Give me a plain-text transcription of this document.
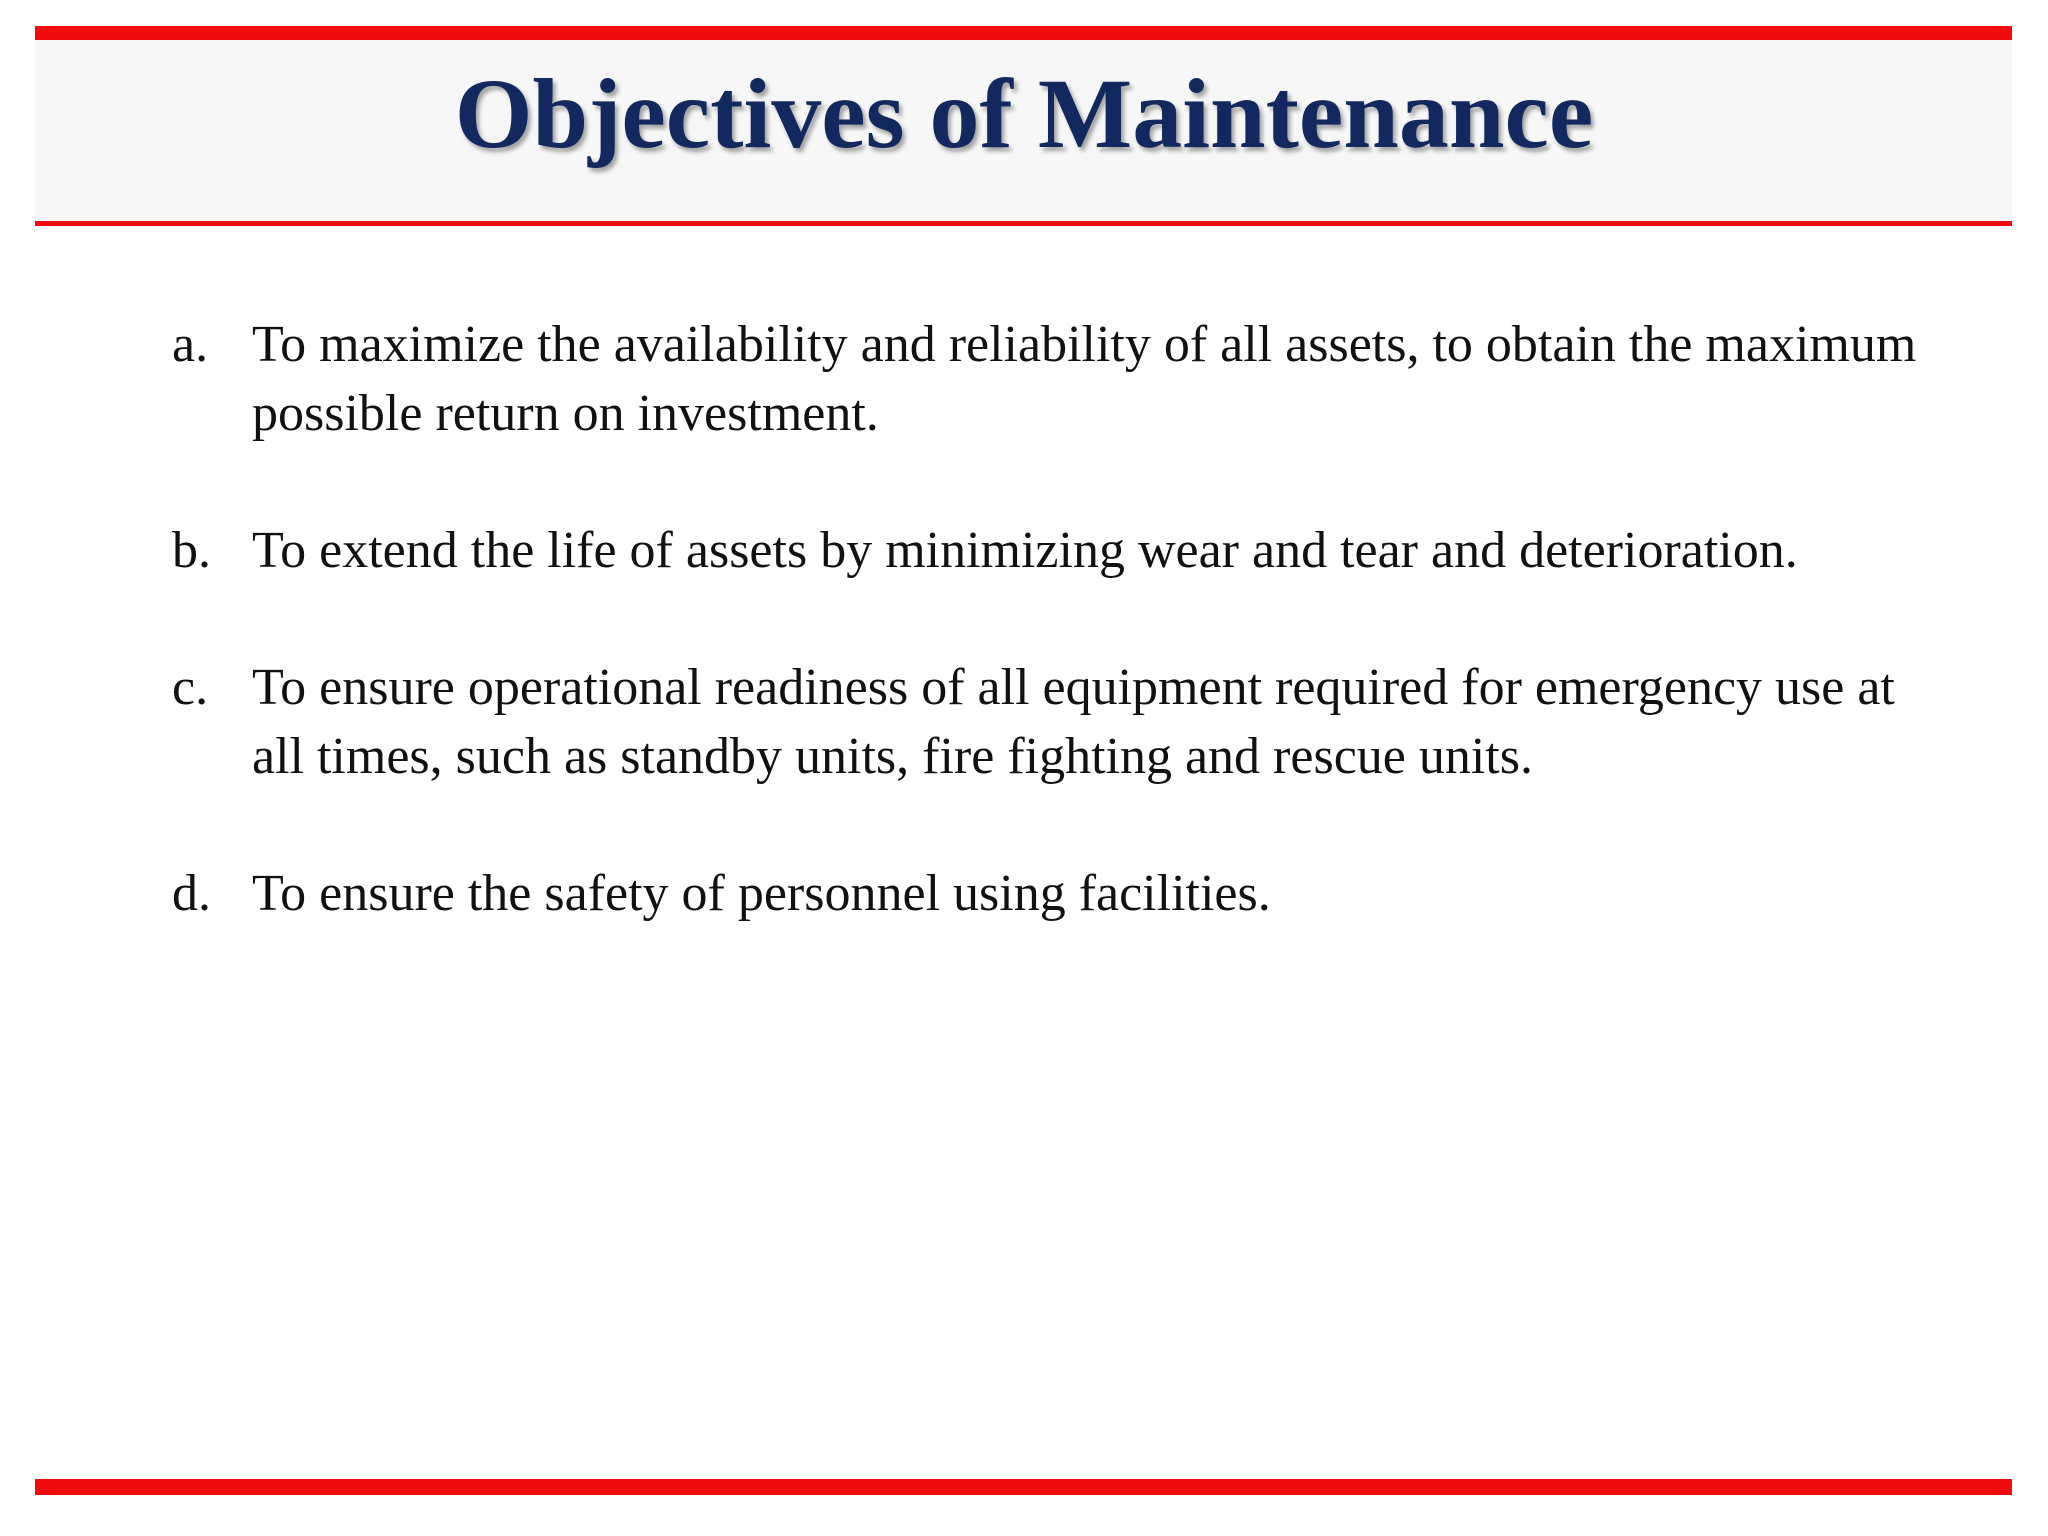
Objectives of Maintenance
a. To maximize the availability and reliability of all assets, to obtain the maximum possible return on investment.
b. To extend the life of assets by minimizing wear and tear and deterioration.
c. To ensure operational readiness of all equipment required for emergency use at all times, such as standby units, fire fighting and rescue units.
d. To ensure the safety of personnel using facilities.
